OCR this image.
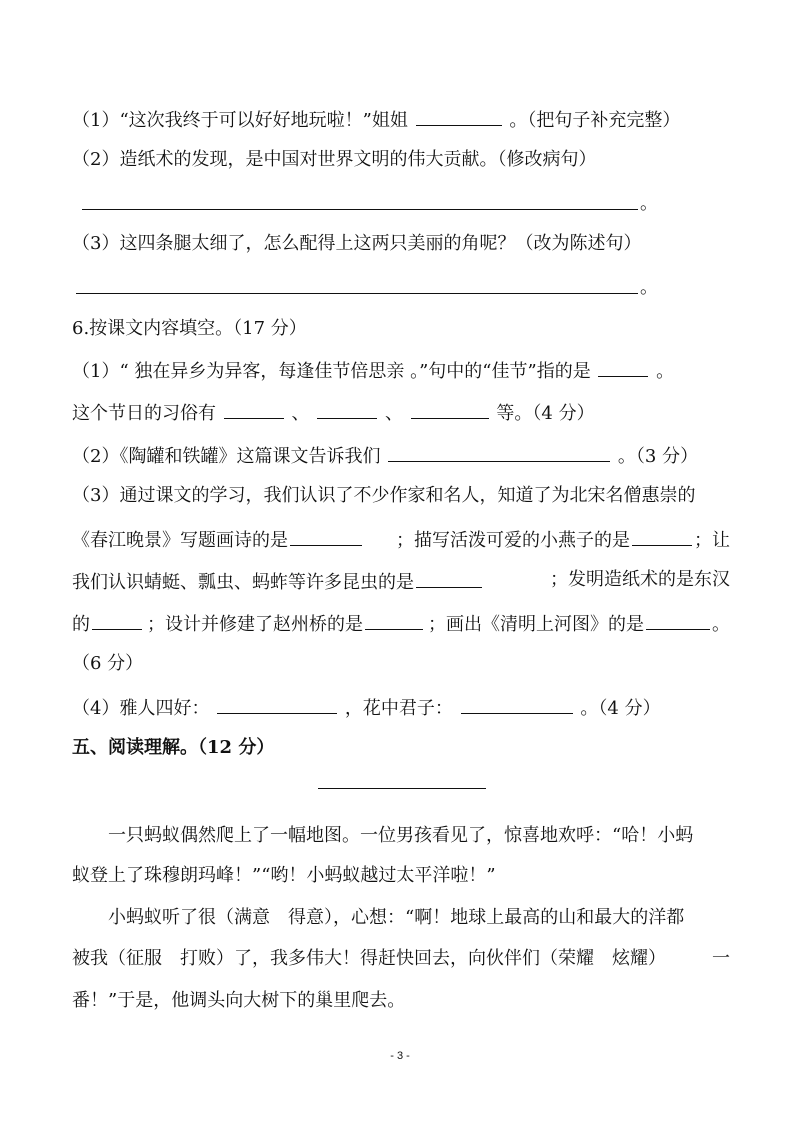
（1）“这次我终于可以好好地玩啦！”姐姐	。（把句子补充完整）
（2）造纸术的发现，是中国对世界文明的伟大贡献。（修改病句）
。
（3）这四条腿太细了，怎么配得上这两只美丽的角呢？（改为陈述句）
。
6.按课文内容填空。（17 分）
（1）“ 独在异乡为异客，每逢佳节倍思亲 。”句中的“佳节”指的是	。
这个节日的习俗有	、	、	等。（4 分）
（2）《陶罐和铁罐》这篇课文告诉我们	。（3 分）
（3）通过课文的学习，我们认识了不少作家和名人，知道了为北宋名僧惠崇的
《春江晚景》写题画诗的是	；描写活泼可爱的小燕子的是	；让
我们认识蜻蜓、瓢虫、蚂蚱等许多昆虫的是	；发明造纸术的是东汉
的	；设计并修建了赵州桥的是	；画出《清明上河图》的是	。
（6 分）
（4）雅人四好：	，花中君子：	。（4 分）
五、阅读理解。（12 分）
一只蚂蚁偶然爬上了一幅地图。一位男孩看见了，惊喜地欢呼：“哈！小蚂
蚁登上了珠穆朗玛峰！”“哟！小蚂蚁越过太平洋啦！”
小蚂蚁听了很（满意 得意），心想：“啊！地球上最高的山和最大的洋都
被我（征服 打败）了，我多伟大！得赶快回去，向伙伴们（荣耀 炫耀）	一
番！”于是，他调头向大树下的巢里爬去。
- 3 -
